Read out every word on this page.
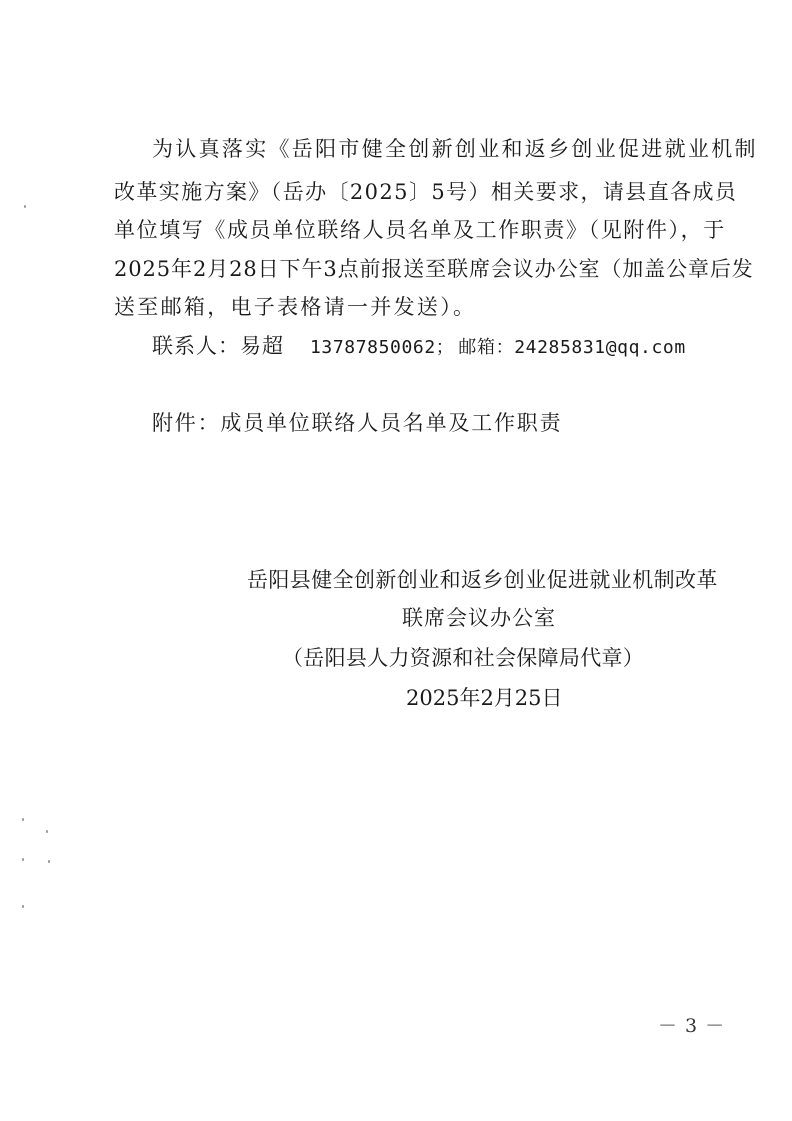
为认真落实《岳阳市健全创新创业和返乡创业促进就业机制
改革实施方案》（岳办〔2025〕5号）相关要求，请县直各成员
单位填写《成员单位联络人员名单及工作职责》（见附件），于
2025年2月28日下午3点前报送至联席会议办公室（加盖公章后发
送至邮箱，电子表格请一并发送）。
联系人：易超 13787850062； 邮箱：24285831@qq.com
附件：成员单位联络人员名单及工作职责
岳阳县健全创新创业和返乡创业促进就业机制改革
联席会议办公室
（岳阳县人力资源和社会保障局代章）
2025年2月25日
－ 3 －
